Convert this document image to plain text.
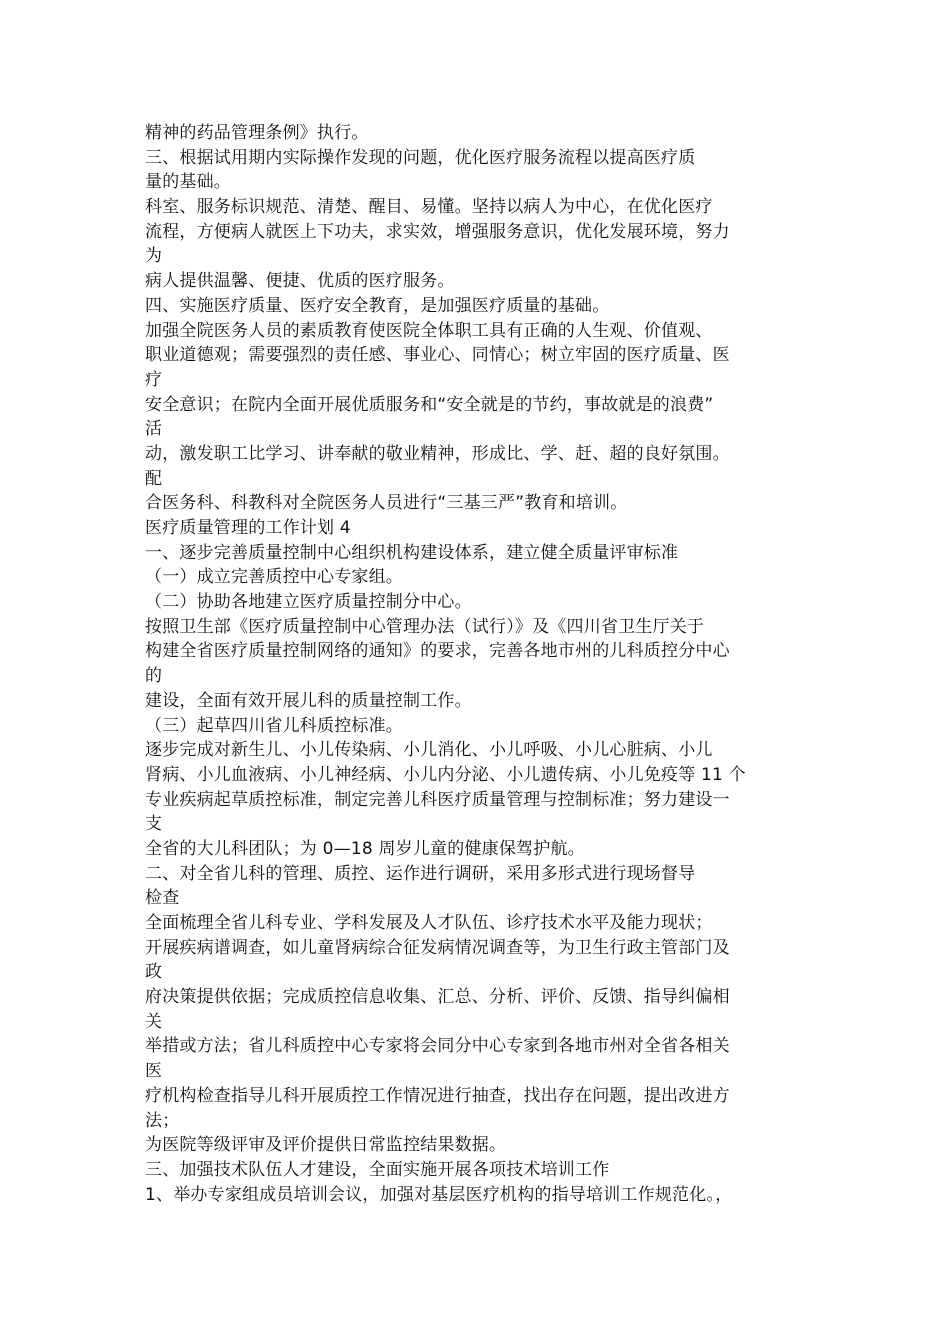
精神的药品管理条例》执行。
三、根据试用期内实际操作发现的问题，优化医疗服务流程以提高医疗质
量的基础。
科室、服务标识规范、清楚、醒目、易懂。坚持以病人为中心，在优化医疗
流程，方便病人就医上下功夫，求实效，增强服务意识，优化发展环境，努力
为
病人提供温馨、便捷、优质的医疗服务。
四、实施医疗质量、医疗安全教育，是加强医疗质量的基础。
加强全院医务人员的素质教育使医院全体职工具有正确的人生观、价值观、
职业道德观；需要强烈的责任感、事业心、同情心；树立牢固的医疗质量、医
疗
安全意识；在院内全面开展优质服务和“安全就是的节约，事故就是的浪费”
活
动，激发职工比学习、讲奉献的敬业精神，形成比、学、赶、超的良好氛围。
配
合医务科、科教科对全院医务人员进行“三基三严”教育和培训。
医疗质量管理的工作计划 4
一、逐步完善质量控制中心组织机构建设体系，建立健全质量评审标准
（一）成立完善质控中心专家组。
（二）协助各地建立医疗质量控制分中心。
按照卫生部《医疗质量控制中心管理办法（试行）》及《四川省卫生厅关于
构建全省医疗质量控制网络的通知》的要求，完善各地市州的儿科质控分中心
的
建设，全面有效开展儿科的质量控制工作。
（三）起草四川省儿科质控标准。
逐步完成对新生儿、小儿传染病、小儿消化、小儿呼吸、小儿心脏病、小儿
肾病、小儿血液病、小儿神经病、小儿内分泌、小儿遗传病、小儿免疫等 11 个
专业疾病起草质控标准，制定完善儿科医疗质量管理与控制标准；努力建设一
支
全省的大儿科团队；为 0—18 周岁儿童的健康保驾护航。
二、对全省儿科的管理、质控、运作进行调研，采用多形式进行现场督导
检查
全面梳理全省儿科专业、学科发展及人才队伍、诊疗技术水平及能力现状；
开展疾病谱调查，如儿童肾病综合征发病情况调查等，为卫生行政主管部门及
政
府决策提供依据；完成质控信息收集、汇总、分析、评价、反馈、指导纠偏相
关
举措或方法；省儿科质控中心专家将会同分中心专家到各地市州对全省各相关
医
疗机构检查指导儿科开展质控工作情况进行抽查，找出存在问题，提出改进方
法；
为医院等级评审及评价提供日常监控结果数据。
三、加强技术队伍人才建设，全面实施开展各项技术培训工作
1、举办专家组成员培训会议，加强对基层医疗机构的指导培训工作规范化。，
